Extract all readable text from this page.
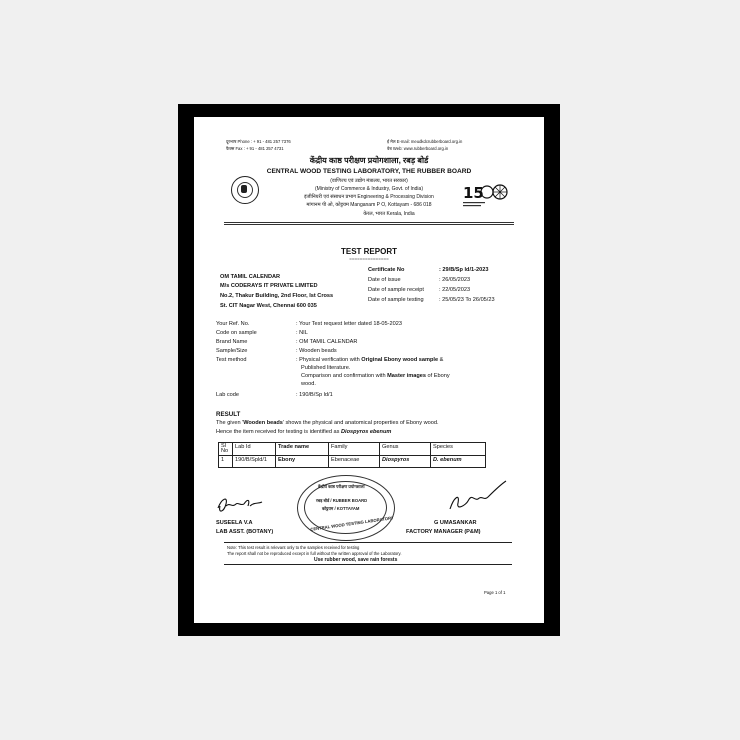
दूरभाष Phone : + 91 - 481 257 7376
फैक्स Fax : + 91 - 481 257 4731
ई मेल E-mail: meudkdcrubberboard.org.in
वेब Web: www.rubberboard.org.in
केंद्रीय काष्ठ परीक्षण प्रयोगशाला, रबड़ बोर्ड
CENTRAL WOOD TESTING LABORATORY, THE RUBBER BOARD
(वाणिज्य एवं उद्योग मंत्रालय, भारत सरकार)
(Ministry of Commerce & Industry, Govt. of India)
इंजीनियरी एवं संसाधन प्रभाग Engineering & Processing Division
मांगानम पी ओ, कोट्टयम Manganam P O, Kottayam - 686 018
केरल, भारत Kerala, India
15
TEST REPORT
===============
OM TAMIL CALENDAR
M/s CODERAYS IT PRIVATE LIMITED
No.2, Thakur Building, 2nd Floor, Ist Cross
St. CIT Nagar West, Chennai 600 035
Certificate No	: 29/B/Sp ld/1-2023
Date of issue	: 26/05/2023
Date of sample receipt	: 22/05/2023
Date of sample testing	: 25/05/23 To 26/05/23
Your Ref. No.	: Your Test request letter dated 18-05-2023
Code on sample	: NIL
Brand Name	: OM TAMIL CALENDAR
Sample/Size	: Wooden beads
Test method	: Physical verification with Original Ebony wood sample &
Published literature.
Comparison and confirmation with Master images of Ebony
wood.
Lab code	: 190/B/Sp ld/1
RESULT
The given 'Wooden beads' shows the physical and anatomical properties of Ebony wood.
Hence the item received for testing is identified as Diospyros ebenum
Sl No	Lab Id	Trade name	Family	Genus	Species
1	190/B/Spld/1	Ebony	Ebenaceae	Diospyros	D. ebenum
केंद्रीय काष्ठ परीक्षण प्रयोगशाला
रबड़ बोर्ड / RUBBER BOARD
कोट्टयम / KOTTAYAM
CENTRAL WOOD TESTING LABORATORY
SUSEELA V.A
LAB ASST. (BOTANY)
G UMASANKAR
FACTORY MANAGER (P&M)
Note: This test result is relevant only to the samples received for testing
The report shall not be reproduced except in full without the written approval of the Laboratory.
Use rubber wood, save rain forests
Page 1 of 1
